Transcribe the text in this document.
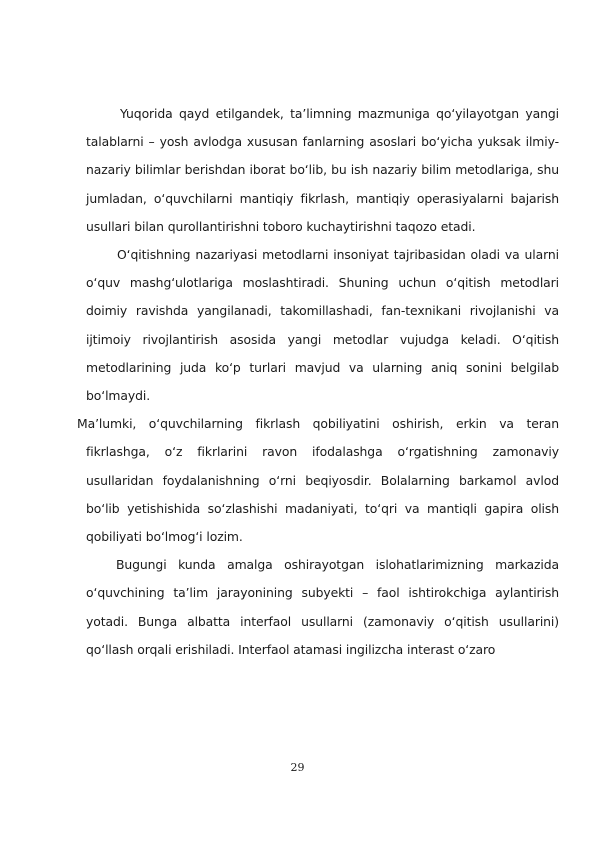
Yuqorida qayd etilgandek, ta’limning mazmuniga qo‘yilayotgan yangi talablarni – yosh avlodga xususan fanlarning asoslari bo‘yicha yuksak ilmiy-nazariy bilimlar berishdan iborat bo‘lib, bu ish nazariy bilim metodlariga, shu jumladan, o‘quvchilarni mantiqiy fikrlash, mantiqiy operasiyalarni bajarish usullari bilan qurollantirishni toboro kuchaytirishni taqozo etadi.

O‘qitishning nazariyasi metodlarni insoniyat tajribasidan oladi va ularni o‘quv mashg‘ulotlariga moslashtiradi. Shuning uchun o‘qitish metodlari doimiy ravishda yangilanadi, takomillashadi, fan-texnikani rivojlanishi va ijtimoiy rivojlantirish asosida yangi metodlar vujudga keladi. O‘qitish metodlarining juda ko‘p turlari mavjud va ularning aniq sonini belgilab bo‘lmaydi.

Ma’lumki, o‘quvchilarning fikrlash qobiliyatini oshirish, erkin va teran fikrlashga, o‘z fikrlarini ravon ifodalashga o‘rgatishning zamonaviy usullaridan foydalanishning o‘rni beqiyosdir. Bolalarning barkamol avlod bo‘lib yetishishida so‘zlashishi madaniyati, to‘qri va mantiqli gapira olish qobiliyati bo‘lmog‘i lozim.

Bugungi kunda amalga oshirayotgan islohatlarimizning markazida o‘quvchining ta’lim jarayonining subyekti – faol ishtirokchiga aylantirish yotadi. Bunga albatta interfaol usullarni (zamonaviy o‘qitish usullarini) qo‘llash orqali erishiladi. Interfaol atamasi ingilizcha interast o‘zaro

29
